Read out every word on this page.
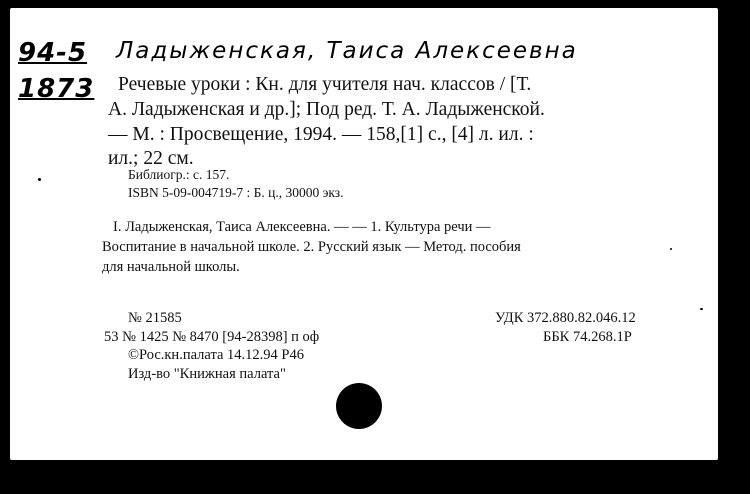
94-5
1873
Ладыженская, Таиса Алексеевна
Речевые уроки : Кн. для учителя нач. классов / [Т.
А. Ладыженская и др.]; Под ред. Т. А. Ладыженской.
— М. : Просвещение, 1994. — 158,[1] с., [4] л. ил. :
ил.; 22 см.
Библиогр.: с. 157.
ISBN 5-09-004719-7 : Б. ц., 30000 экз.
I. Ладыженская, Таиса Алексеевна. — — 1. Культура речи —
Воспитание в начальной школе. 2. Русский язык — Метод. пособия
для начальной школы.
№ 21585	УДК 372.880.82.046.12
53 № 1425 № 8470 [94-28398] п оф	ББК 74.268.1Р
©Рос.кн.палата 14.12.94 Р46
Изд-во "Книжная палата"
